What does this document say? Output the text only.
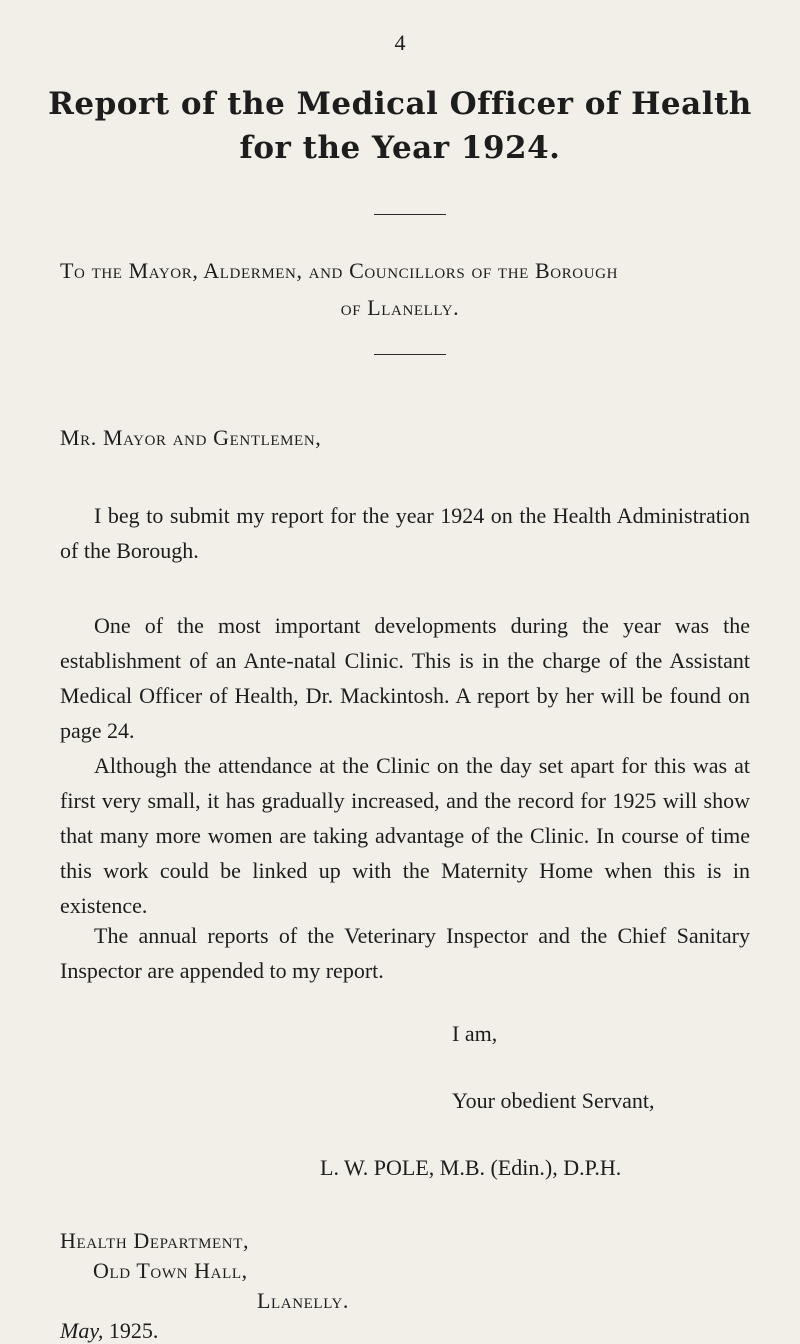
4
Report of the Medical Officer of Health
for the Year 1924.
To the Mayor, Aldermen, and Councillors of the Borough
of Llanelly.
Mr. Mayor and Gentlemen,

I beg to submit my report for the year 1924 on the Health Administration of the Borough.

One of the most important developments during the year was the establishment of an Ante-natal Clinic. This is in the charge of the Assistant Medical Officer of Health, Dr. Mackintosh. A report by her will be found on page 24.

Although the attendance at the Clinic on the day set apart for this was at first very small, it has gradually increased, and the record for 1925 will show that many more women are taking advantage of the Clinic. In course of time this work could be linked up with the Maternity Home when this is in existence.

The annual reports of the Veterinary Inspector and the Chief Sanitary Inspector are appended to my report.

I am,
Your obedient Servant,
L. W. POLE, M.B. (Edin.), D.P.H.
Health Department,
Old Town Hall,
Llanelly.
May, 1925.
